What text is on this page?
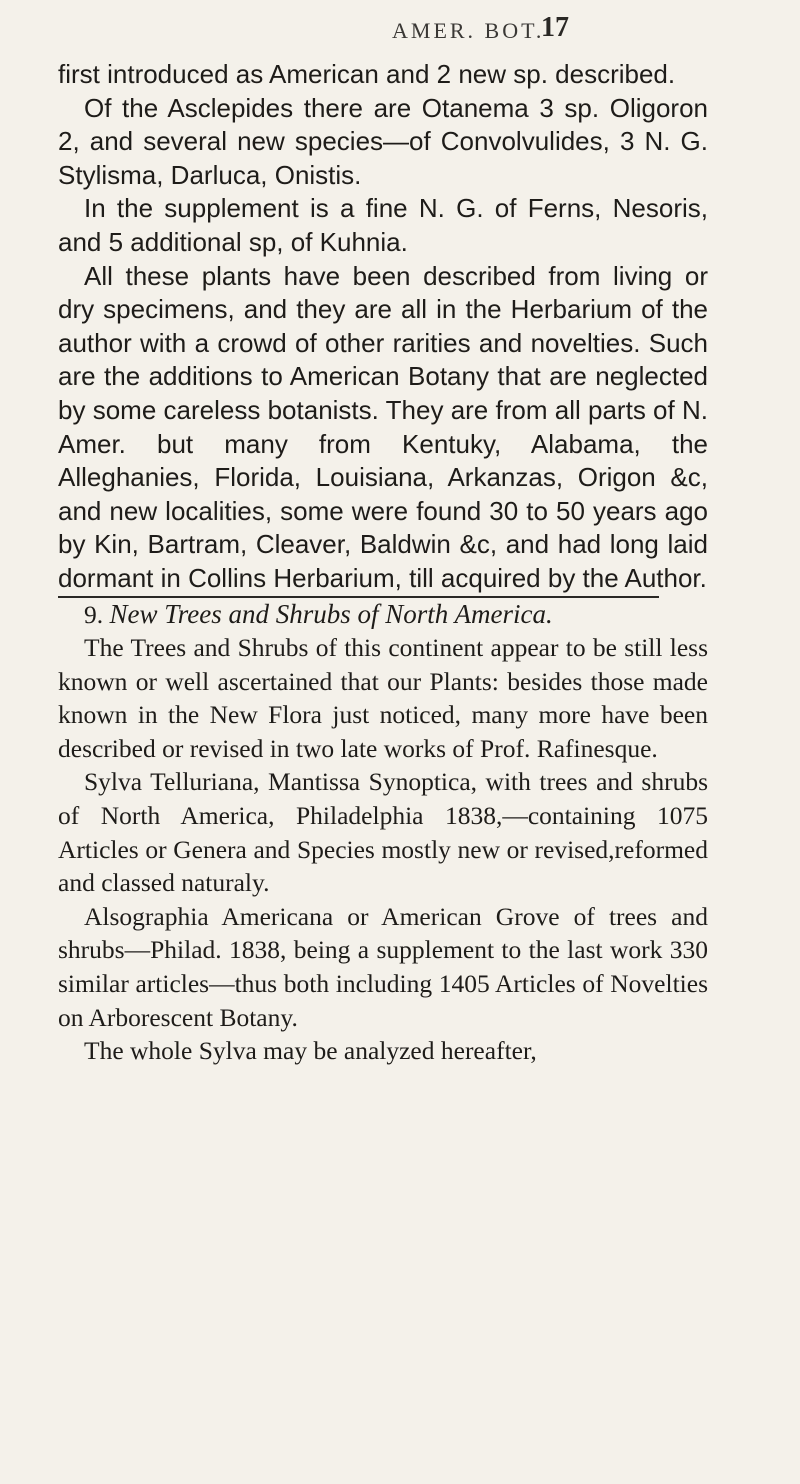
AMER. BOT.
17

first introduced as American and 2 new sp. described.

Of the Asclepides there are Otanema 3 sp. Oligoron 2, and several new species—of Convolvulides, 3 N. G. Stylisma, Darluca, Onistis.

In the supplement is a fine N. G. of Ferns, Nesoris, and 5 additional sp, of Kuhnia.

All these plants have been described from living or dry specimens, and they are all in the Herbarium of the author with a crowd of other rarities and novelties. Such are the additions to American Botany that are neglected by some careless botanists. They are from all parts of N. Amer. but many from Kentuky, Alabama, the Alleghanies, Florida, Louisiana, Arkanzas, Origon &c, and new localities, some were found 30 to 50 years ago by Kin, Bartram, Cleaver, Baldwin &c, and had long laid dormant in Collins Herbarium, till acquired by the Author.

9. New Trees and Shrubs of North America.

The Trees and Shrubs of this continent appear to be still less known or well ascertained that our Plants: besides those made known in the New Flora just noticed, many more have been described or revised in two late works of Prof. Rafinesque.

Sylva Telluriana, Mantissa Synoptica, with trees and shrubs of North America, Philadelphia 1838,—containing 1075 Articles or Genera and Species mostly new or revised,reformed and classed naturaly.

Alsographia Americana or American Grove of trees and shrubs—Philad. 1838, being a supplement to the last work 330 similar articles—thus both including 1405 Articles of Novelties on Arborescent Botany.

The whole Sylva may be analyzed hereafter,
